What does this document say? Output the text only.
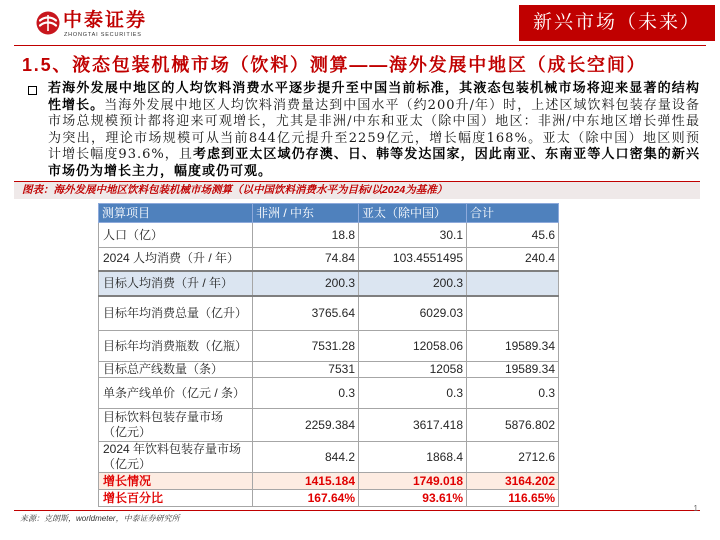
中泰证券
ZHONGTAI SECURITIES
新兴市场（未来）
1.5、液态包装机械市场（饮料）测算——海外发展中地区（成长空间）
若海外发展中地区的人均饮料消费水平逐步提升至中国当前标准，其液态包装机械市场将迎来显著的结构性增长。当海外发展中地区人均饮料消费量达到中国水平（约200升/年）时，上述区域饮料包装存量设备市场总规模预计都将迎来可观增长，尤其是非洲/中东和亚太（除中国）地区：非洲/中东地区增长弹性最为突出，理论市场规模可从当前844亿元提升至2259亿元，增长幅度168%。亚太（除中国）地区则预计增长幅度93.6%，且考虑到亚太区域仍存澳、日、韩等发达国家，因此南亚、东南亚等人口密集的新兴市场仍为增长主力，幅度或仍可观。
图表：海外发展中地区饮料包装机械市场测算（以中国饮料消费水平为目标/以2024为基准）
测算项目	非洲 / 中东	亚太（除中国）	合计
人口（亿）	18.8	30.1	45.6
2024 人均消费（升 / 年）	74.84	103.4551495	240.4
目标人均消费（升 / 年）	200.3	200.3	
目标年均消费总量（亿升）	3765.64	6029.03	
目标年均消费瓶数（亿瓶）	7531.28	12058.06	19589.34
目标总产线数量（条）	7531	12058	19589.34
单条产线单价（亿元 / 条）	0.3	0.3	0.3
目标饮料包装存量市场（亿元）	2259.384	3617.418	5876.802
2024 年饮料包装存量市场（亿元）	844.2	1868.4	2712.6
增长情况	1415.184	1749.018	3164.202
增长百分比	167.64%	93.61%	116.65%
来源：克朗斯，worldmeter，中泰证券研究所
1
